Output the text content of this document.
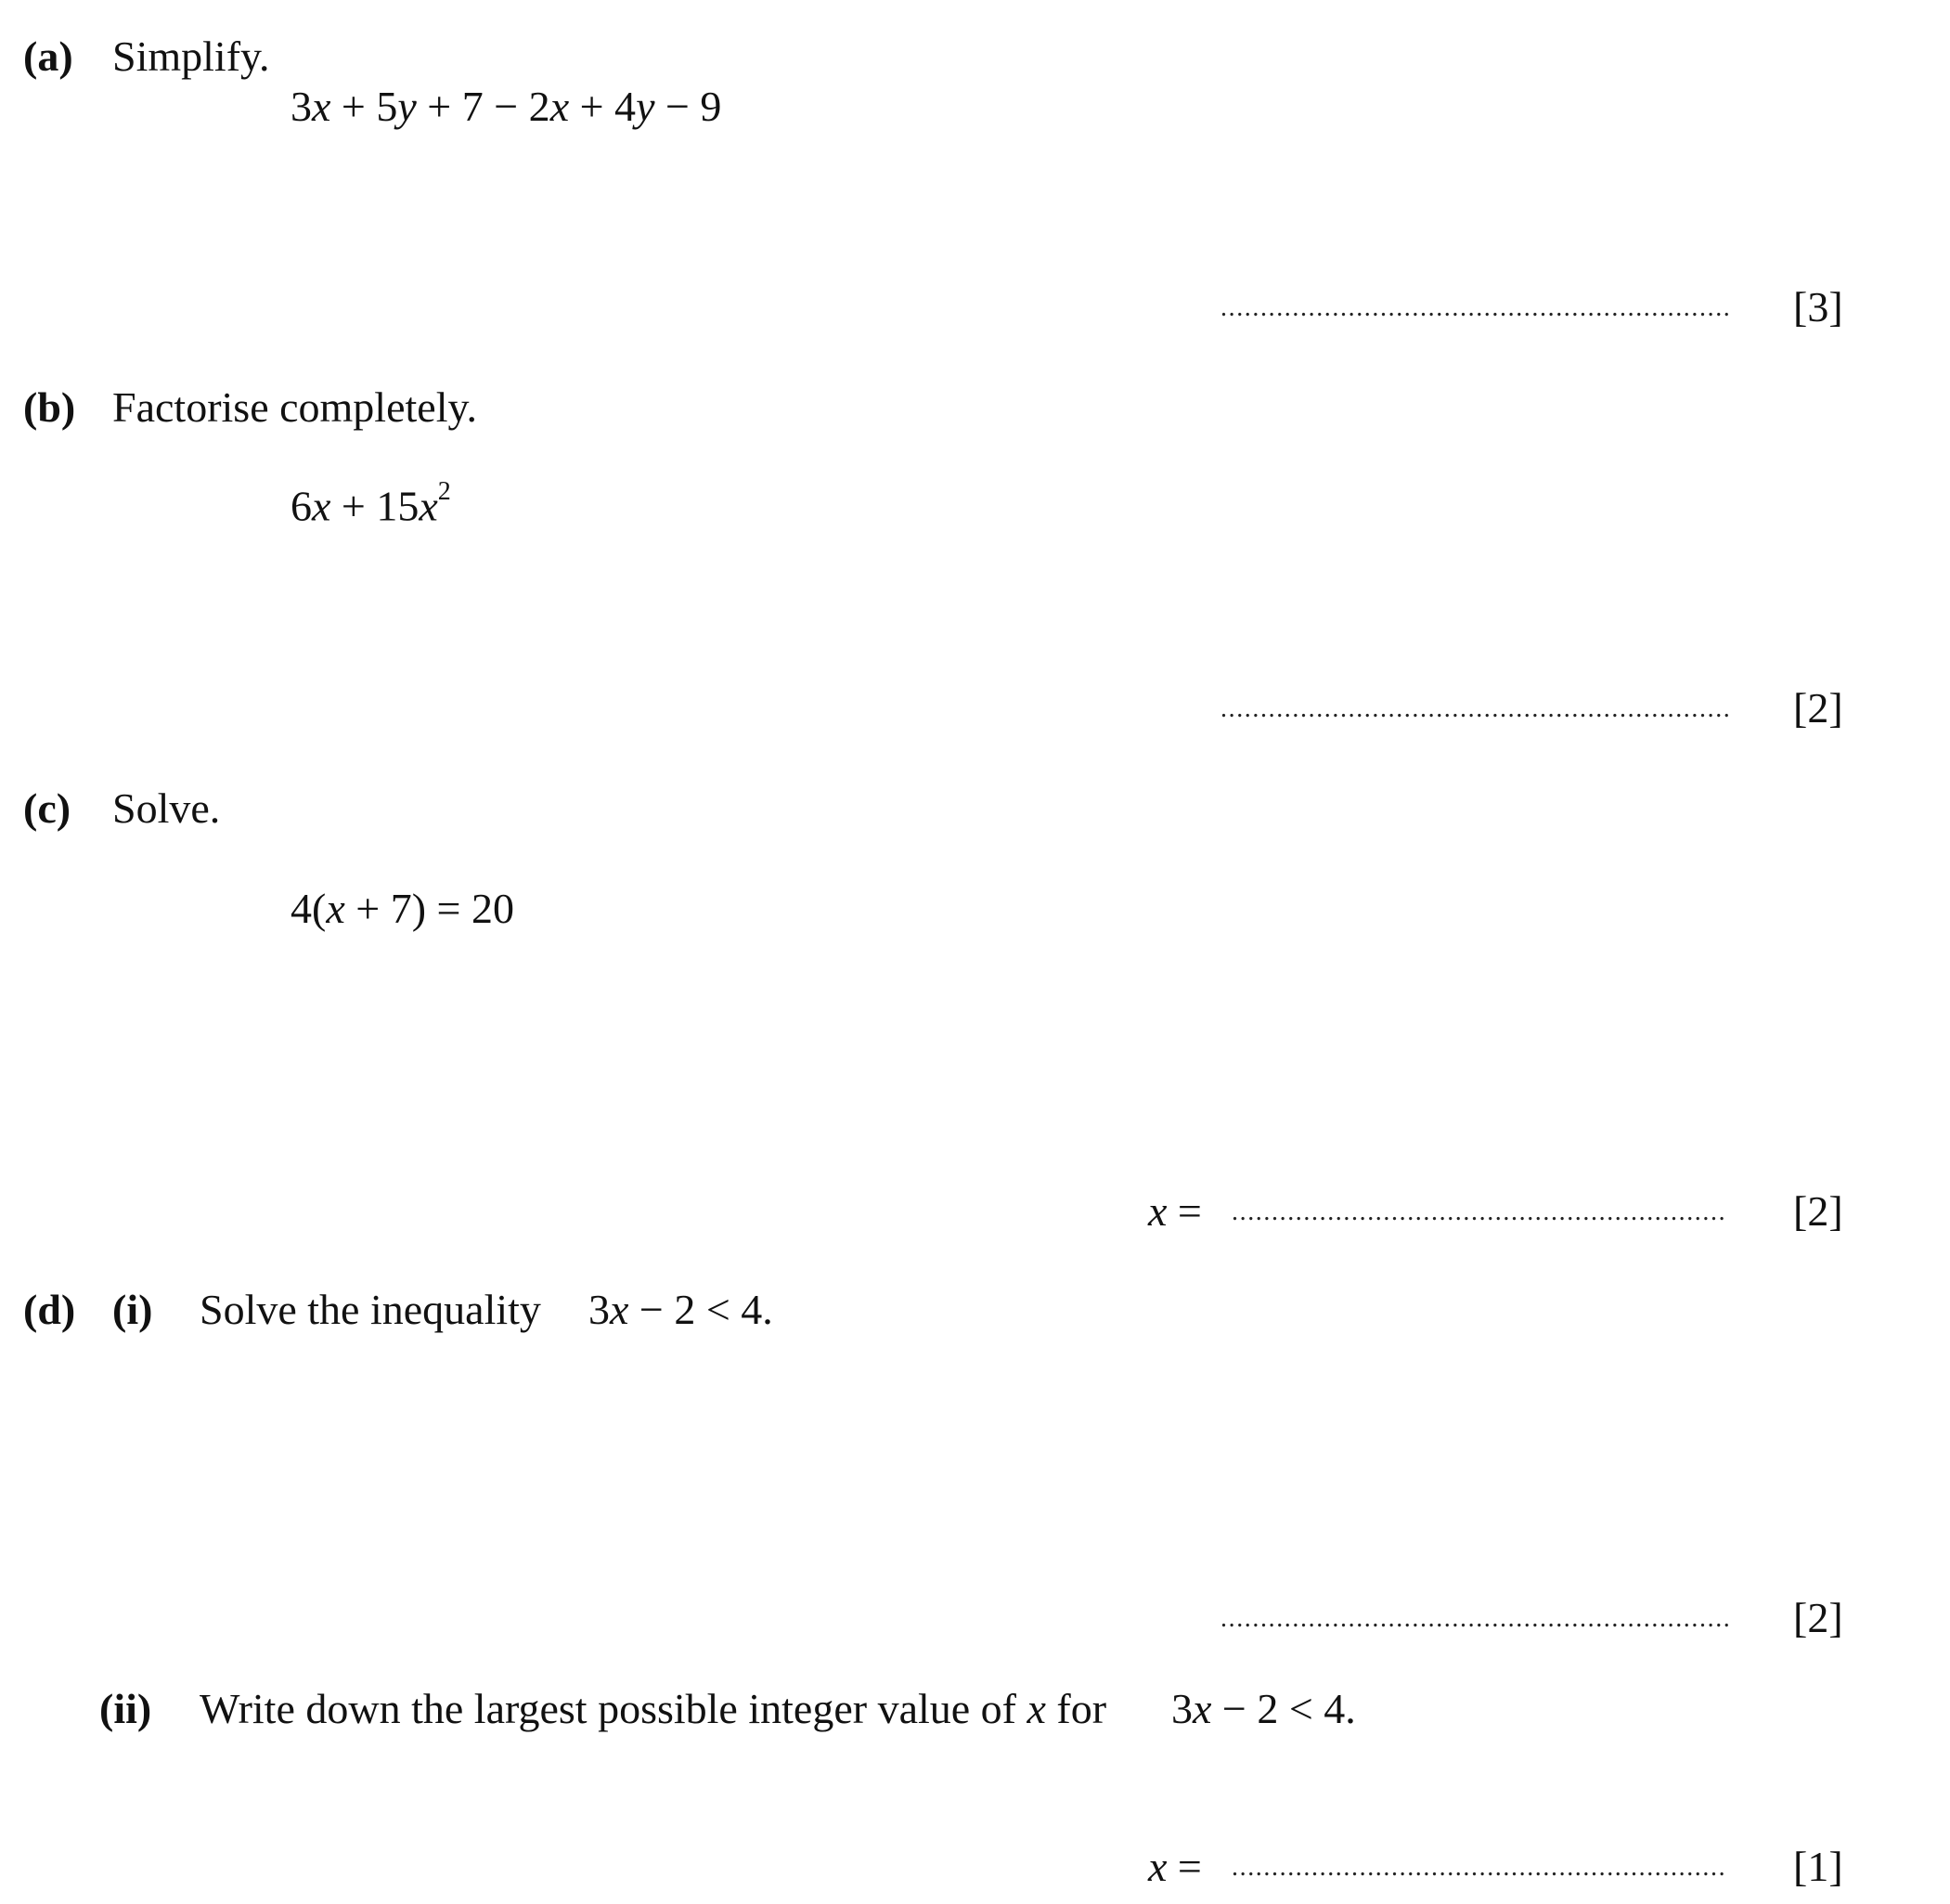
(a) Simplify.
3x + 5y + 7 − 2x + 4y − 9
................................................................ [3]
(b) Factorise completely.
$6x + 15x^2$
................................................................ [2]
(c) Solve.
4(x + 7) = 20
x = .............................................................. [2]
(d) (i) Solve the inequality 3x − 2 < 4.
................................................................ [2]
(ii) Write down the largest possible integer value of x for 3x − 2 < 4.
x = .............................................................. [1]
